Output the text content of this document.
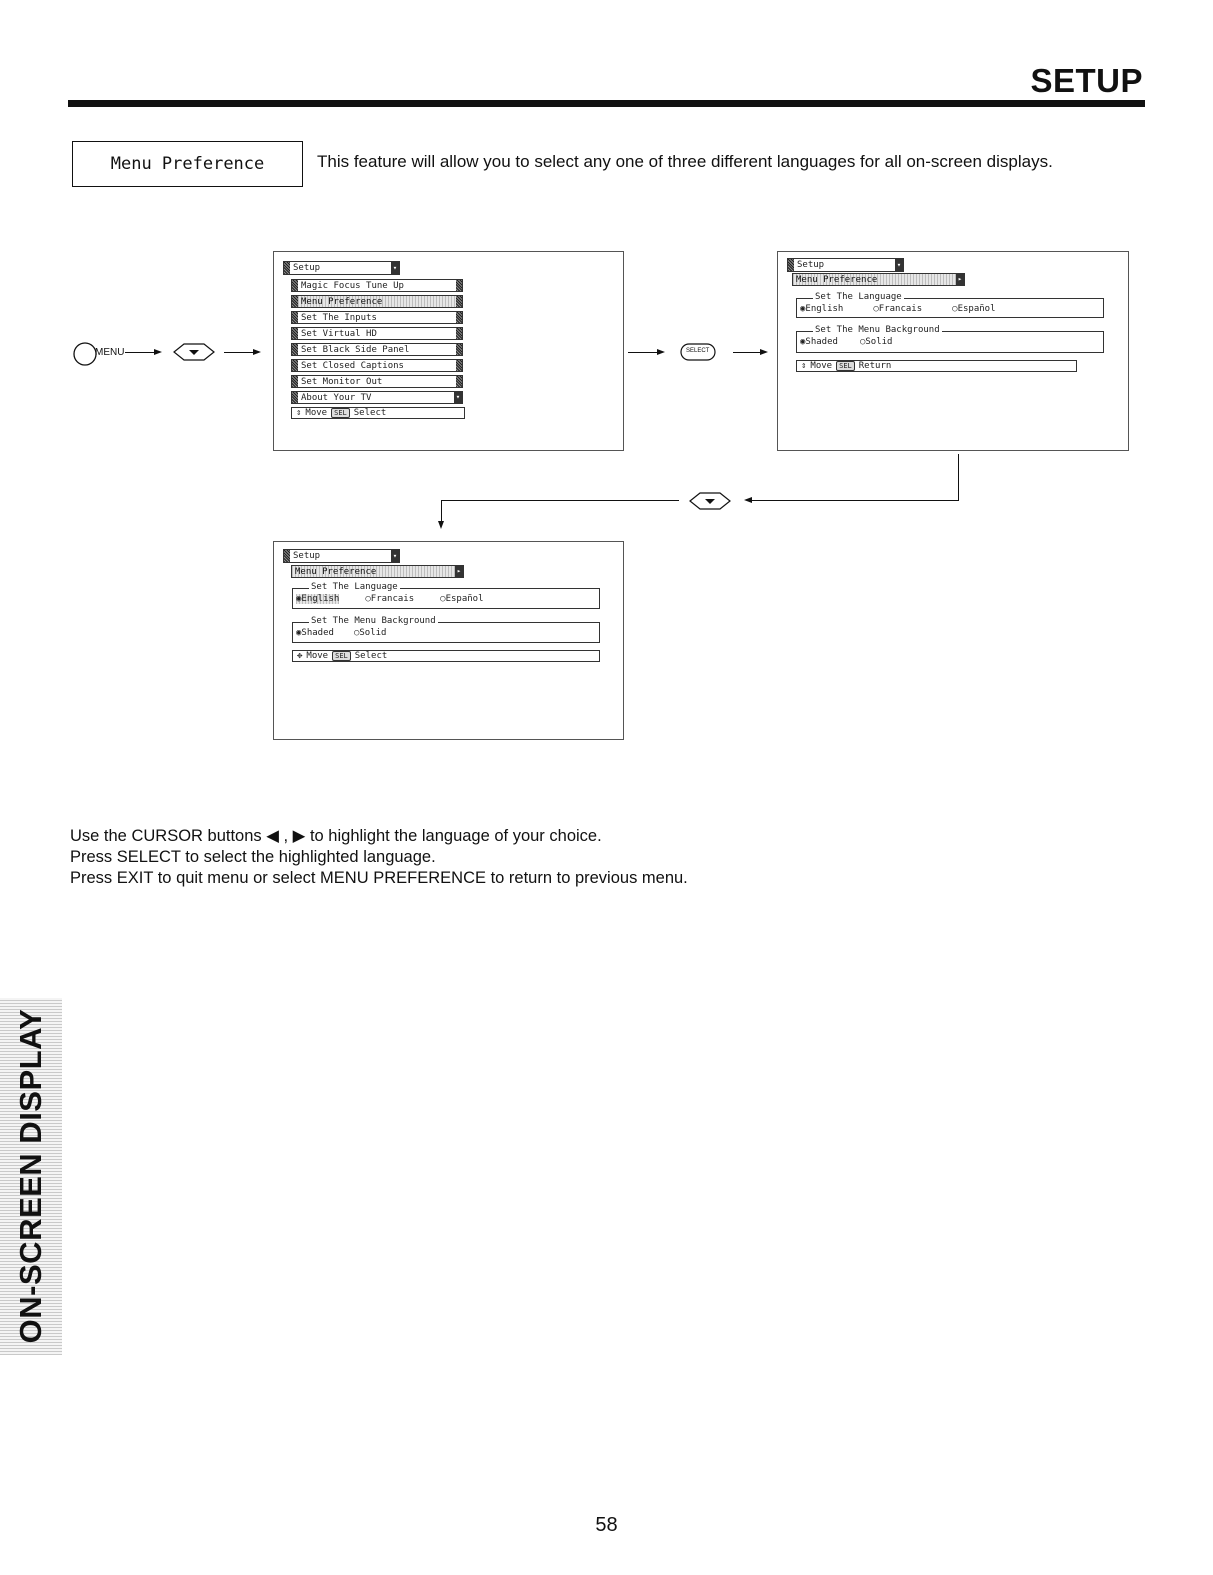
SETUP
Menu Preference	This feature will allow you to select any one of three different languages for all on-screen displays.
MENU
Setup	▾
Magic Focus Tune Up
Menu Preference
Set The Inputs
Set Virtual HD
Set Black Side Panel
Set Closed Captions
Set Monitor Out
About Your TV	▾
⇕ Move	SEL Select
SELECT
Setup	▾
Menu Preference	▸
Set The Language
◉English	○Francais	○Español
Set The Menu Background
◉Shaded ○Solid
⇕ Move	SEL Return
Setup	▾
Menu Preference	▸
Set The Language
◉English	○Francais	○Español
Set The Menu Background
◉Shaded ○Solid
✥ Move	SEL Select
Use the CURSOR buttons ◀ , ▶ to highlight the language of your choice.
Press SELECT to select the highlighted language.
Press EXIT to quit menu or select MENU PREFERENCE to return to previous menu.
ON-SCREEN DISPLAY
58
